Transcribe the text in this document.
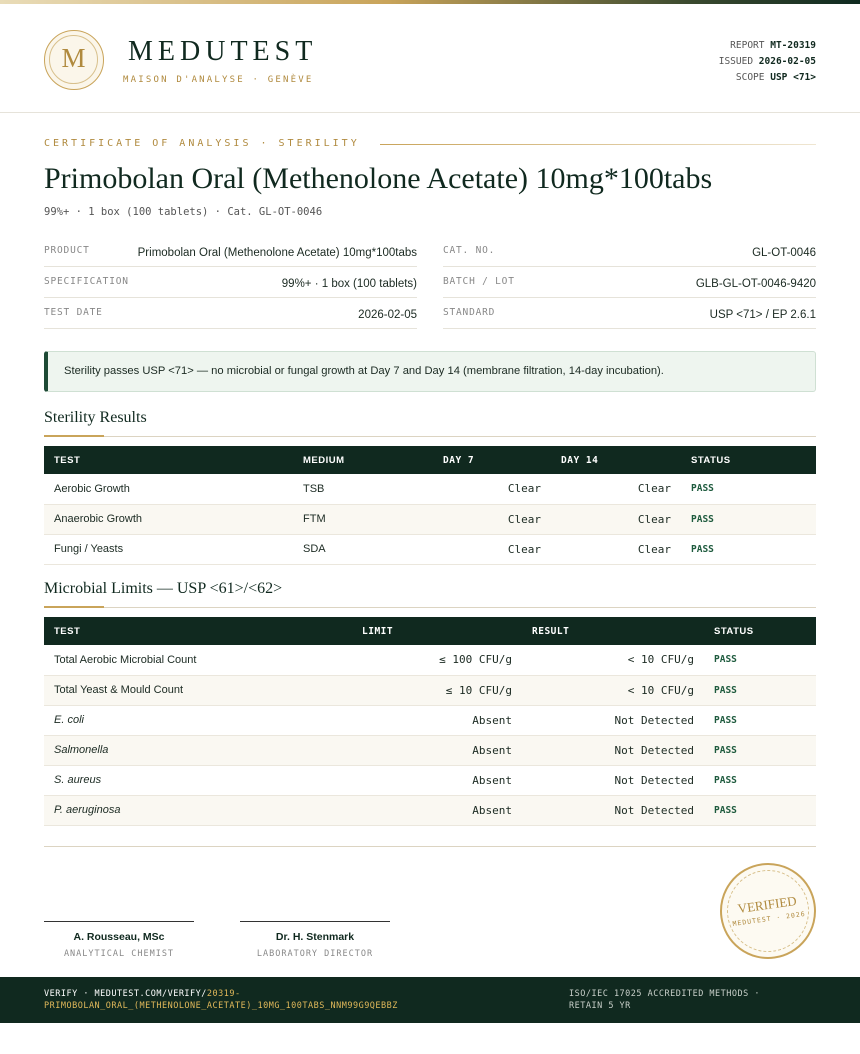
M	MEDUTEST
MAISON D'ANALYSE · GENÈVE
REPORT MT-20319
ISSUED 2026-02-05
SCOPE USP <71>
CERTIFICATE OF ANALYSIS · STERILITY
Primobolan Oral (Methenolone Acetate) 10mg*100tabs
99%+ · 1 box (100 tablets) · Cat. GL-OT-0046
PRODUCT	Primobolan Oral (Methenolone Acetate) 10mg*100tabs
SPECIFICATION	99%+ · 1 box (100 tablets)
TEST DATE	2026-02-05
CAT. NO.	GL-OT-0046
BATCH / LOT	GLB-GL-OT-0046-9420
STANDARD	USP <71> / EP 2.6.1
Sterility passes USP <71> — no microbial or fungal growth at Day 7 and Day 14 (membrane filtration, 14-day incubation).
Sterility Results
TEST	MEDIUM	DAY 7	DAY 14	STATUS
Aerobic Growth	TSB	Clear	Clear	PASS
Anaerobic Growth	FTM	Clear	Clear	PASS
Fungi / Yeasts	SDA	Clear	Clear	PASS
Microbial Limits — USP <61>/<62>
TEST	LIMIT	RESULT	STATUS
Total Aerobic Microbial Count	≤ 100 CFU/g	< 10 CFU/g	PASS
Total Yeast & Mould Count	≤ 10 CFU/g	< 10 CFU/g	PASS
E. coli	Absent	Not Detected	PASS
Salmonella	Absent	Not Detected	PASS
S. aureus	Absent	Not Detected	PASS
P. aeruginosa	Absent	Not Detected	PASS
A. Rousseau, MSc
ANALYTICAL CHEMIST
Dr. H. Stenmark
LABORATORY DIRECTOR
VERIFIED
MEDUTEST · 2026
VERIFY · MEDUTEST.COM/VERIFY/20319-PRIMOBOLAN_ORAL_(METHENOLONE_ACETATE)_10MG_100TABS_NNM99G9QEBBZ
ISO/IEC 17025 ACCREDITED METHODS · RETAIN 5 YR
